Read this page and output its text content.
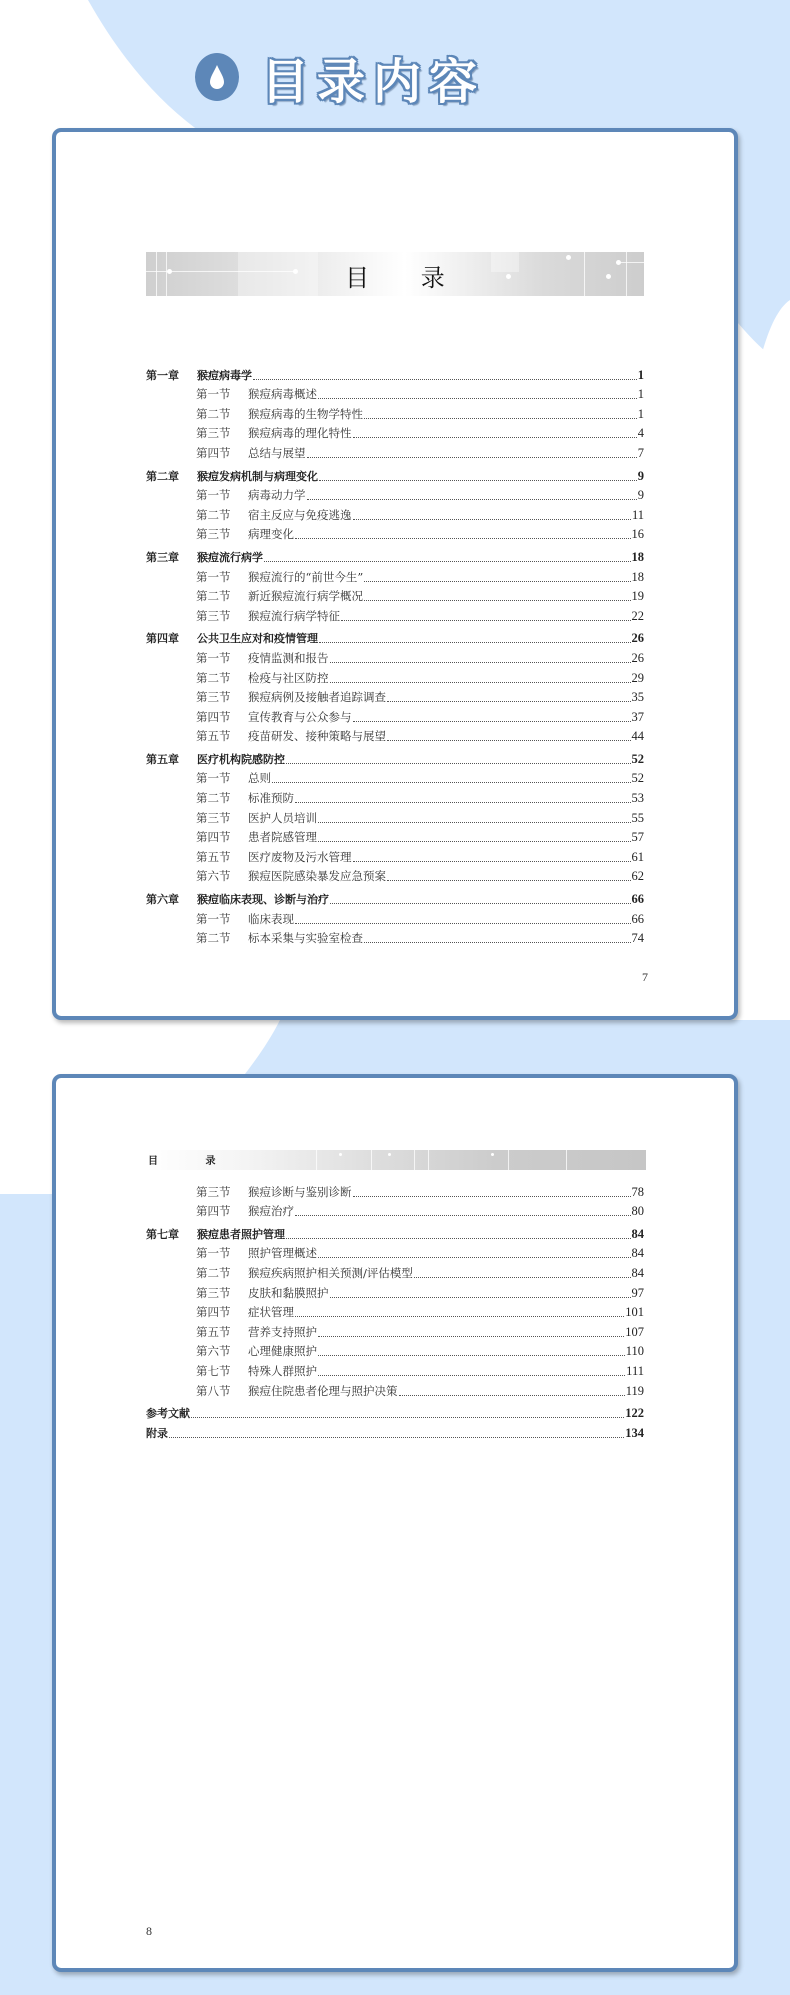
目录内容
目 录
第一章	猴痘病毒学	1
第一节	猴痘病毒概述	1
第二节	猴痘病毒的生物学特性	1
第三节	猴痘病毒的理化特性	4
第四节	总结与展望	7
第二章	猴痘发病机制与病理变化	9
第一节	病毒动力学	9
第二节	宿主反应与免疫逃逸	11
第三节	病理变化	16
第三章	猴痘流行病学	18
第一节	猴痘流行的“前世今生”	18
第二节	新近猴痘流行病学概况	19
第三节	猴痘流行病学特征	22
第四章	公共卫生应对和疫情管理	26
第一节	疫情监测和报告	26
第二节	检疫与社区防控	29
第三节	猴痘病例及接触者追踪调查	35
第四节	宣传教育与公众参与	37
第五节	疫苗研发、接种策略与展望	44
第五章	医疗机构院感防控	52
第一节	总则	52
第二节	标准预防	53
第三节	医护人员培训	55
第四节	患者院感管理	57
第五节	医疗废物及污水管理	61
第六节	猴痘医院感染暴发应急预案	62
第六章	猴痘临床表现、诊断与治疗	66
第一节	临床表现	66
第二节	标本采集与实验室检查	74
7
目 录
第三节	猴痘诊断与鉴别诊断	78
第四节	猴痘治疗	80
第七章	猴痘患者照护管理	84
第一节	照护管理概述	84
第二节	猴痘疾病照护相关预测/评估模型	84
第三节	皮肤和黏膜照护	97
第四节	症状管理	101
第五节	营养支持照护	107
第六节	心理健康照护	110
第七节	特殊人群照护	111
第八节	猴痘住院患者伦理与照护决策	119
参考文献	122
附录	134
8
